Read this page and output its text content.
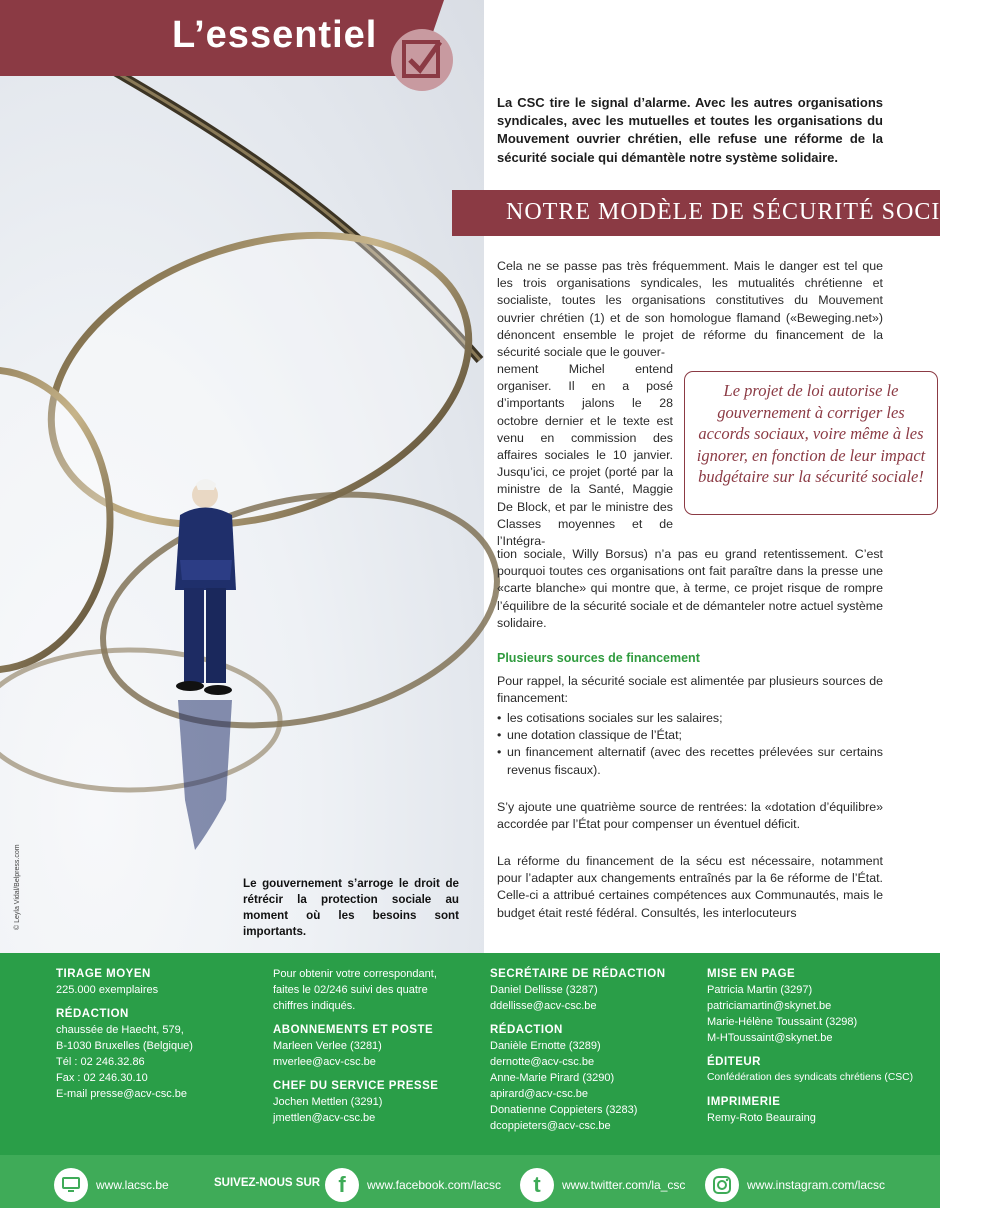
L’essentiel
La CSC tire le signal d’alarme. Avec les autres organisations syndicales, avec les mutuelles et toutes les organisations du Mouvement ouvrier chrétien, elle refuse une réforme de la sécurité sociale qui démantèle notre système solidaire.
NOTRE MODÈLE DE SÉCURITÉ SOCIALE
Cela ne se passe pas très fréquemment. Mais le danger est tel que les trois organisations syndicales, les mutualités chrétienne et socialiste, toutes les organisations constitutives du Mouvement ouvrier chrétien (1) et de son homologue flamand («Beweging.net») dénoncent ensemble le projet de réforme du financement de la sécurité sociale que le gouver-
nement Michel entend organiser. Il en a posé d’importants jalons le 28 octobre dernier et le texte est venu en commission des affaires sociales le 10 janvier. Jusqu’ici, ce projet (porté par la ministre de la Santé, Maggie De Block, et par le ministre des Classes moyennes et de l’Intégra-
Le projet de loi autorise le gouvernement à corriger les accords sociaux, voire même à les ignorer, en fonction de leur impact budgétaire sur la sécurité sociale!
tion sociale, Willy Borsus) n’a pas eu grand retentissement. C’est pourquoi toutes ces organisations ont fait paraître dans la presse une «carte blanche» qui montre que, à terme, ce projet risque de rompre l’équilibre de la sécurité sociale et de démanteler notre actuel système solidaire.
Plusieurs sources de financement
Pour rappel, la sécurité sociale est alimentée par plusieurs sources de financement:
• les cotisations sociales sur les salaires;
• une dotation classique de l’État;
• un financement alternatif (avec des recettes prélevées sur certains revenus fiscaux).
S’y ajoute une quatrième source de rentrées: la «dotation d’équilibre» accordée par l’État pour compenser un éventuel déficit.
La réforme du financement de la sécu est nécessaire, notamment pour l’adapter aux changements entraînés par la 6e réforme de l’État. Celle-ci a attribué certaines compétences aux Communautés, mais le budget était resté fédéral. Consultés, les interlocuteurs
Le gouvernement s’arroge le droit de rétrécir la protection sociale au moment où les besoins sont importants.
© Leyla Vidal/Belpress.com
TIRAGE MOYEN
225.000 exemplaires
RÉDACTION
chaussée de Haecht, 579,
B-1030 Bruxelles (Belgique)
Tél : 02 246.32.86
Fax : 02 246.30.10
E-mail presse@acv-csc.be
Pour obtenir votre correspondant,
faites le 02/246 suivi des quatre
chiffres indiqués.
ABONNEMENTS ET POSTE
Marleen Verlee (3281)
mverlee@acv-csc.be
CHEF DU SERVICE PRESSE
Jochen Mettlen (3291)
jmettlen@acv-csc.be
SECRÉTAIRE DE RÉDACTION
Daniel Dellisse (3287)
ddellisse@acv-csc.be
RÉDACTION
Danièle Ernotte (3289)
dernotte@acv-csc.be
Anne-Marie Pirard (3290)
apirard@acv-csc.be
Donatienne Coppieters (3283)
dcoppieters@acv-csc.be
MISE EN PAGE
Patricia Martin (3297)
patriciamartin@skynet.be
Marie-Hélène Toussaint (3298)
M-HToussaint@skynet.be
ÉDITEUR
Confédération des syndicats chrétiens (CSC)
IMPRIMERIE
Remy-Roto Beauraing
www.lacsc.be	SUIVEZ-NOUS SUR f	www.facebook.com/lacsc	t	www.twitter.com/la_csc	www.instagram.com/lacsc
